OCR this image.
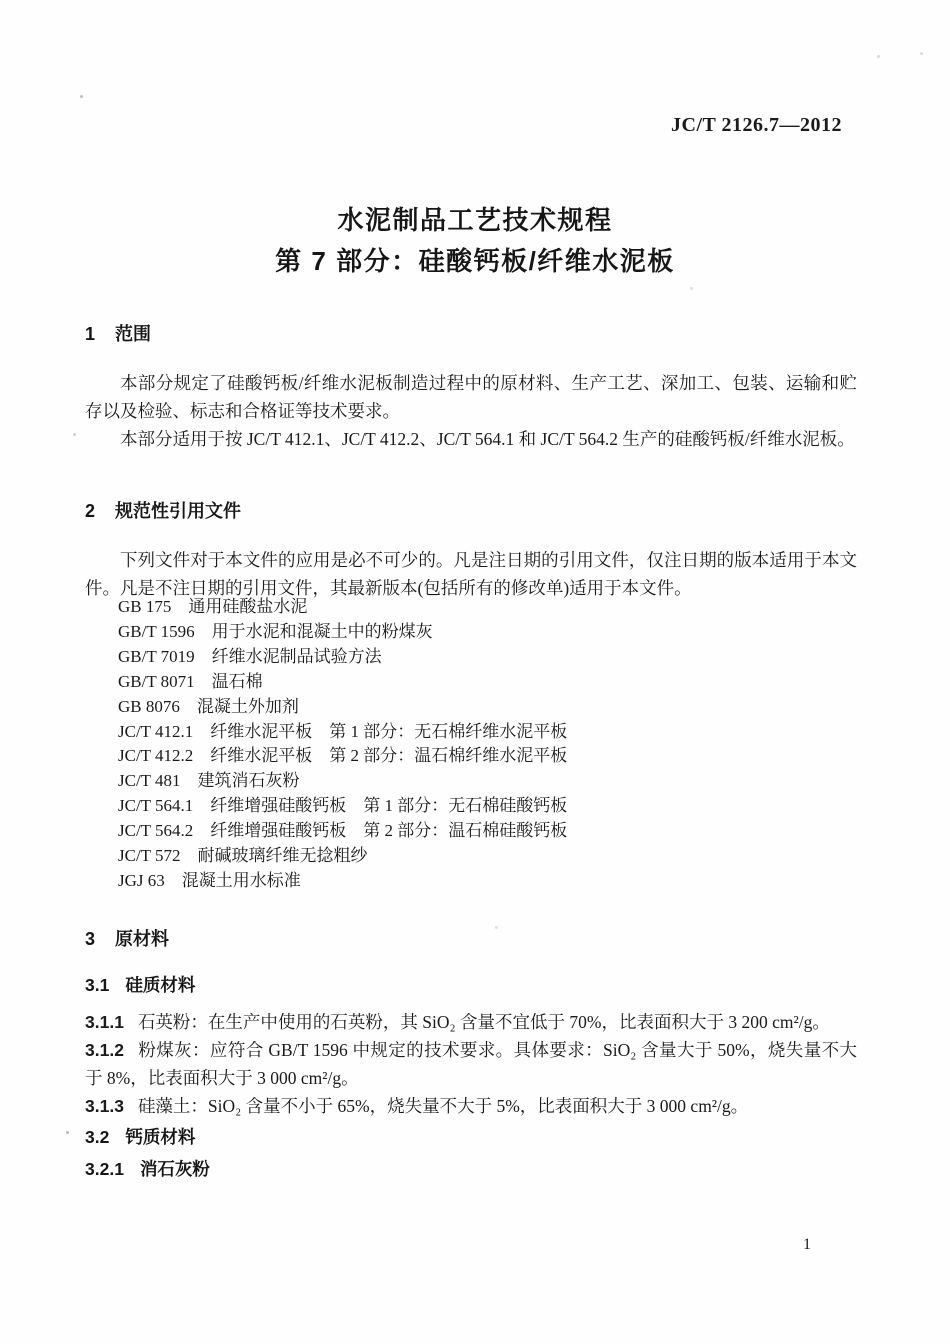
JC/T 2126.7—2012
水泥制品工艺技术规程
第 7 部分：硅酸钙板/纤维水泥板
1 范围
本部分规定了硅酸钙板/纤维水泥板制造过程中的原材料、生产工艺、深加工、包装、运输和贮存以及检验、标志和合格证等技术要求。
本部分适用于按 JC/T 412.1、JC/T 412.2、JC/T 564.1 和 JC/T 564.2 生产的硅酸钙板/纤维水泥板。
2 规范性引用文件
下列文件对于本文件的应用是必不可少的。凡是注日期的引用文件，仅注日期的版本适用于本文件。凡是不注日期的引用文件，其最新版本(包括所有的修改单)适用于本文件。
GB 175　通用硅酸盐水泥
GB/T 1596　用于水泥和混凝土中的粉煤灰
GB/T 7019　纤维水泥制品试验方法
GB/T 8071　温石棉
GB 8076　混凝土外加剂
JC/T 412.1　纤维水泥平板　第 1 部分：无石棉纤维水泥平板
JC/T 412.2　纤维水泥平板　第 2 部分：温石棉纤维水泥平板
JC/T 481　建筑消石灰粉
JC/T 564.1　纤维增强硅酸钙板　第 1 部分：无石棉硅酸钙板
JC/T 564.2　纤维增强硅酸钙板　第 2 部分：温石棉硅酸钙板
JC/T 572　耐碱玻璃纤维无捻粗纱
JGJ 63　混凝土用水标准
3 原材料
3.1 硅质材料
3.1.1 石英粉：在生产中使用的石英粉，其 SiO₂ 含量不宜低于 70%，比表面积大于 3 200 cm²/g。
3.1.2 粉煤灰：应符合 GB/T 1596 中规定的技术要求。具体要求：SiO₂ 含量大于 50%，烧失量不大于 8%，比表面积大于 3 000 cm²/g。
3.1.3 硅藻土：SiO₂ 含量不小于 65%，烧失量不大于 5%，比表面积大于 3 000 cm²/g。
3.2 钙质材料
3.2.1 消石灰粉
1
